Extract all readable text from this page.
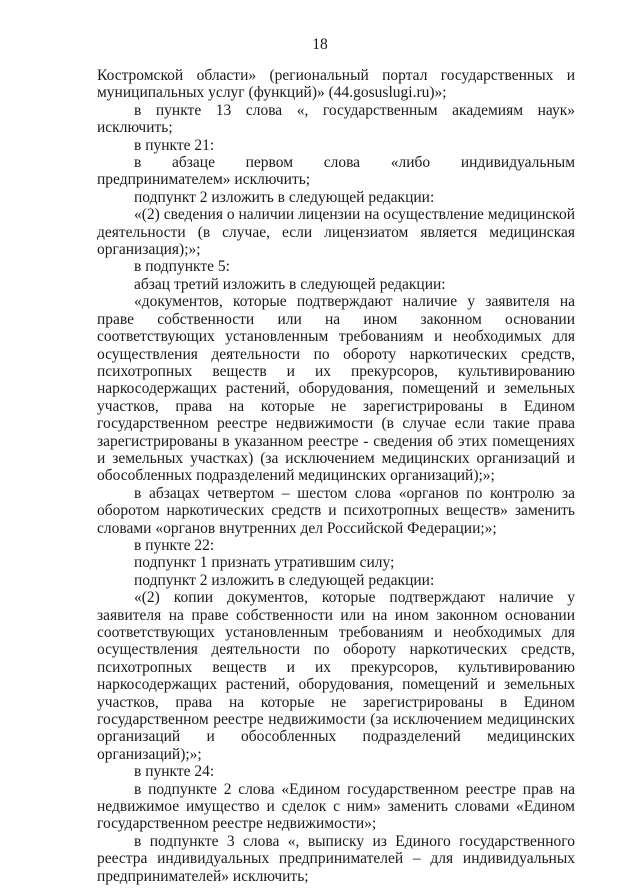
18

Костромской области» (региональный портал государственных и муниципальных услуг (функций)» (44.gosuslugi.ru)»;

в пункте 13 слова «, государственным академиям наук» исключить;

в пункте 21:

в абзаце первом слова «либо индивидуальным предпринимателем» исключить;

подпункт 2 изложить в следующей редакции:

«(2) сведения о наличии лицензии на осуществление медицинской деятельности (в случае, если лицензиатом является медицинская организация);»;

в подпункте 5:

абзац третий изложить в следующей редакции:

«документов, которые подтверждают наличие у заявителя на праве собственности или на ином законном основании соответствующих установленным требованиям и необходимых для осуществления деятельности по обороту наркотических средств, психотропных веществ и их прекурсоров, культивированию наркосодержащих растений, оборудования, помещений и земельных участков, права на которые не зарегистрированы в Едином государственном реестре недвижимости (в случае если такие права зарегистрированы в указанном реестре - сведения об этих помещениях и земельных участках) (за исключением медицинских организаций и обособленных подразделений медицинских организаций);»;

в абзацах четвертом – шестом слова «органов по контролю за оборотом наркотических средств и психотропных веществ» заменить словами «органов внутренних дел Российской Федерации;»;

в пункте 22:

подпункт 1 признать утратившим силу;

подпункт 2 изложить в следующей редакции:

«(2) копии документов, которые подтверждают наличие у заявителя на праве собственности или на ином законном основании соответствующих установленным требованиям и необходимых для осуществления деятельности по обороту наркотических средств, психотропных веществ и их прекурсоров, культивированию наркосодержащих растений, оборудования, помещений и земельных участков, права на которые не зарегистрированы в Едином государственном реестре недвижимости (за исключением медицинских организаций и обособленных подразделений медицинских организаций);»;

в пункте 24:

в подпункте 2 слова «Едином государственном реестре прав на недвижимое имущество и сделок с ним» заменить словами «Едином государственном реестре недвижимости»;

в подпункте 3 слова «, выписку из Единого государственного реестра индивидуальных предпринимателей – для индивидуальных предпринимателей» исключить;
